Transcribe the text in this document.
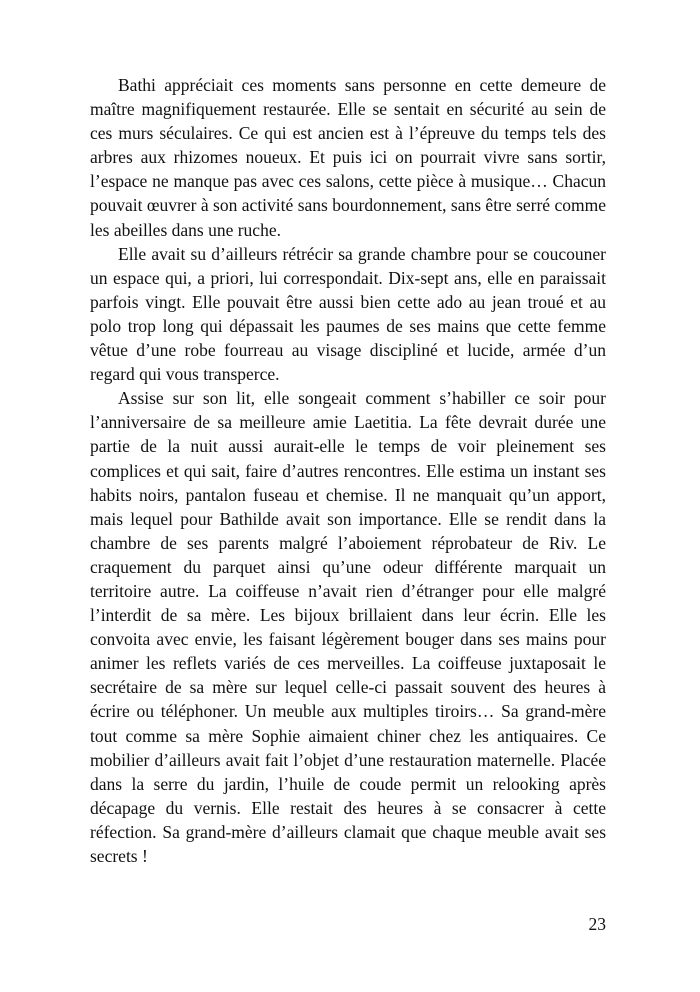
Bathi appréciait ces moments sans personne en cette demeure de maître magnifiquement restaurée. Elle se sentait en sécurité au sein de ces murs séculaires. Ce qui est ancien est à l’épreuve du temps tels des arbres aux rhizomes noueux. Et puis ici on pourrait vivre sans sortir, l’espace ne manque pas avec ces salons, cette pièce à musique… Chacun pouvait œuvrer à son activité sans bourdonnement, sans être serré comme les abeilles dans une ruche.

Elle avait su d’ailleurs rétrécir sa grande chambre pour se coucouner un espace qui, a priori, lui correspondait. Dix-sept ans, elle en paraissait parfois vingt. Elle pouvait être aussi bien cette ado au jean troué et au polo trop long qui dépassait les paumes de ses mains que cette femme vêtue d’une robe fourreau au visage discipliné et lucide, armée d’un regard qui vous transperce.

Assise sur son lit, elle songeait comment s’habiller ce soir pour l’anniversaire de sa meilleure amie Laetitia. La fête devrait durée une partie de la nuit aussi aurait-elle le temps de voir pleinement ses complices et qui sait, faire d’autres rencontres. Elle estima un instant ses habits noirs, pantalon fuseau et chemise. Il ne manquait qu’un apport, mais lequel pour Bathilde avait son importance. Elle se rendit dans la chambre de ses parents malgré l’aboiement réprobateur de Riv. Le craquement du parquet ainsi qu’une odeur différente marquait un territoire autre. La coiffeuse n’avait rien d’étranger pour elle malgré l’interdit de sa mère. Les bijoux brillaient dans leur écrin. Elle les convoita avec envie, les faisant légèrement bouger dans ses mains pour animer les reflets variés de ces merveilles. La coiffeuse juxtaposait le secrétaire de sa mère sur lequel celle-ci passait souvent des heures à écrire ou téléphoner. Un meuble aux multiples tiroirs… Sa grand-mère tout comme sa mère Sophie aimaient chiner chez les antiquaires. Ce mobilier d’ailleurs avait fait l’objet d’une restauration maternelle. Placée dans la serre du jardin, l’huile de coude permit un relooking après décapage du vernis. Elle restait des heures à se consacrer à cette réfection. Sa grand-mère d’ailleurs clamait que chaque meuble avait ses secrets !

23
